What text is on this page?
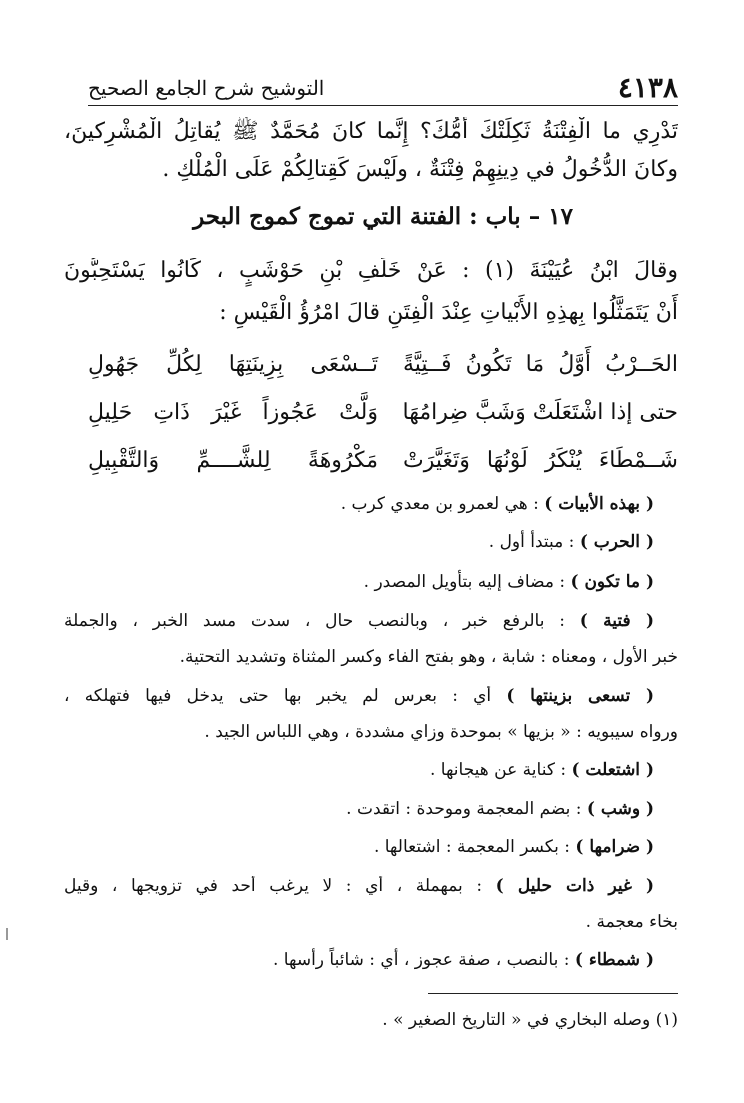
٤١٣٨
التوشيح شرح الجامع الصحيح
تَدْرِي ما الْفِتْنَةُ ثَكِلَتْكَ أُمُّكَ؟ إِنَّما كانَ مُحَمَّدٌ ﷺ يُقاتِلُ الْمُشْرِكينَ،
وكانَ الدُّخُولُ في دِينِهِمْ فِتْنَةٌ ، ولَيْسَ كَقِتالِكُمْ عَلَى الْمُلْكِ .
١٧ – باب : الفتنة التي تموج كموج البحر
وقالَ ابْنُ عُيَيْنَةَ (١) : عَنْ خَلَفِ بْنِ حَوْشَبٍ ، كَانُوا يَسْتَحِبُّونَ
أَنْ يَتَمَثَّلُوا بِهذِهِ الأَبْياتِ عِنْدَ الْفِتَنِ قالَ امْرُؤُ الْقَيْسِ :
الحَــرْبُ أَوَّلُ مَا تَكُونُ فَــتِيَّةً
تَــسْعَى بِزِينَتِهَا لِكُلِّ جَهُولِ
حتى إذا اشْتَعَلَتْ وَشَبَّ ضِرامُهَا
وَلَّتْ عَجُوزاً غَيْرَ ذَاتِ حَلِيلِ
شَــمْطَاءَ يُنْكَرُ لَوْنُهَا وَتَغَيَّرَتْ
مَكْرُوهَةً لِلشَّــــمِّ وَالتَّقْبِيلِ
( بهذه الأبيات ) : هي لعمرو بن معدي كرب .
( الحرب ) : مبتدأ أول .
( ما تكون ) : مضاف إليه بتأويل المصدر .
( فتية ) : بالرفع خبر ، وبالنصب حال ، سدت مسد الخبر ، والجملة
خبر الأول ، ومعناه : شابة ، وهو بفتح الفاء وكسر المثناة وتشديد التحتية.
( تسعى بزينتها ) أي : بعرس لم يخبر بها حتى يدخل فيها فتهلكه ،
ورواه سيبويه : « بزيها » بموحدة وزاي مشددة ، وهي اللباس الجيد .
( اشتعلت ) : كناية عن هيجانها .
( وشب ) : بضم المعجمة وموحدة : اتقدت .
( ضرامها ) : بكسر المعجمة : اشتعالها .
( غير ذات حليل ) : بمهملة ، أي : لا يرغب أحد في تزويجها ، وقيل
بخاء معجمة .
( شمطاء ) : بالنصب ، صفة عجوز ، أي : شائباً رأسها .
(١) وصله البخاري في « التاريخ الصغير » .
